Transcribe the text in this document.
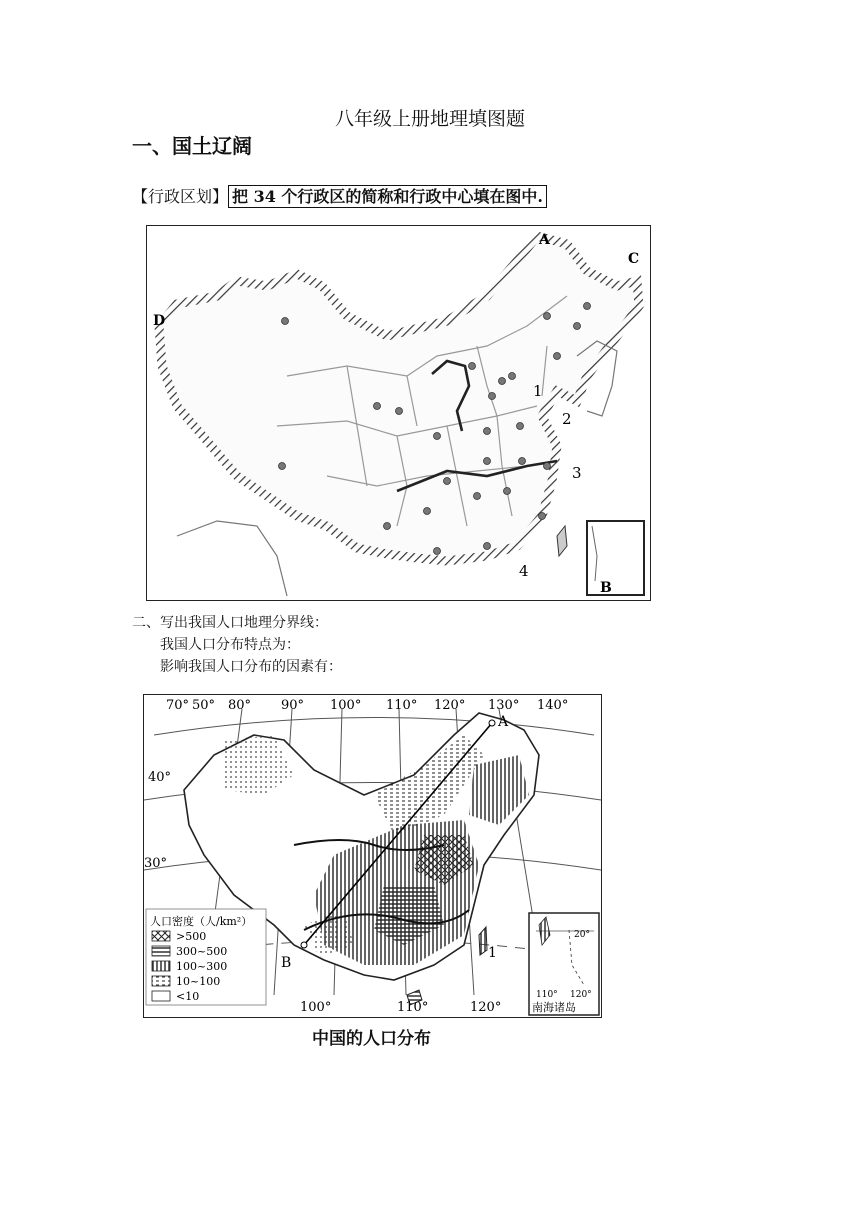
八年级上册地理填图题
一、国土辽阔
【行政区划】 把 34 个行政区的简称和行政中心填在图中.
A
C
D
B
1
2
3
4
二、写出我国人口地理分界线：
我国人口分布特点为：
影响我国人口分布的因素有：
70° 50° 80° 90° 100° 110° 120° 130° 140°
40°
30°
100°	110°	120°
A
B
1
人口密度（人/km²）
>500
300~500
100~300
10~100
<10
20°
110° 120°
南海诸岛
中国的人口分布
